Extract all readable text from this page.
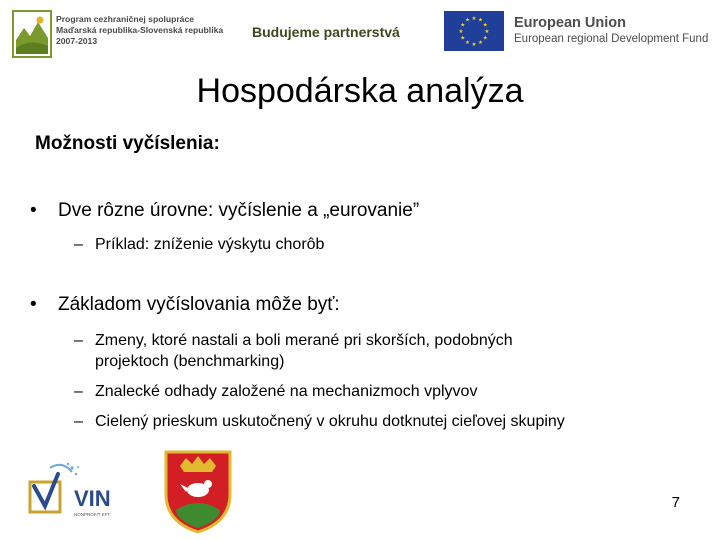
Program cezhraničnej spolupráce
Maďarská republika-Slovenská republika
2007-2013
Budujeme partnerstvá
★ ★
★
★
★
★
★
★
★
★
★
★	European Union
European regional Development Fund
Hospodárska analýza
Možnosti vyčíslenia:
• Dve rôzne úrovne: vyčíslenie a „eurovanie”
– Príklad: zníženie výskytu chorôb
• Základom vyčíslovania môže byť:
– Zmeny, ktoré nastali a boli merané pri skorších, podobných
projektoch (benchmarking)
– Znalecké odhady založené na mechanizmoch vplyvov
– Cielený prieskum uskutočnený v okruhu dotknutej cieľovej skupiny
VIN
NONPROFIT KFT.
7
